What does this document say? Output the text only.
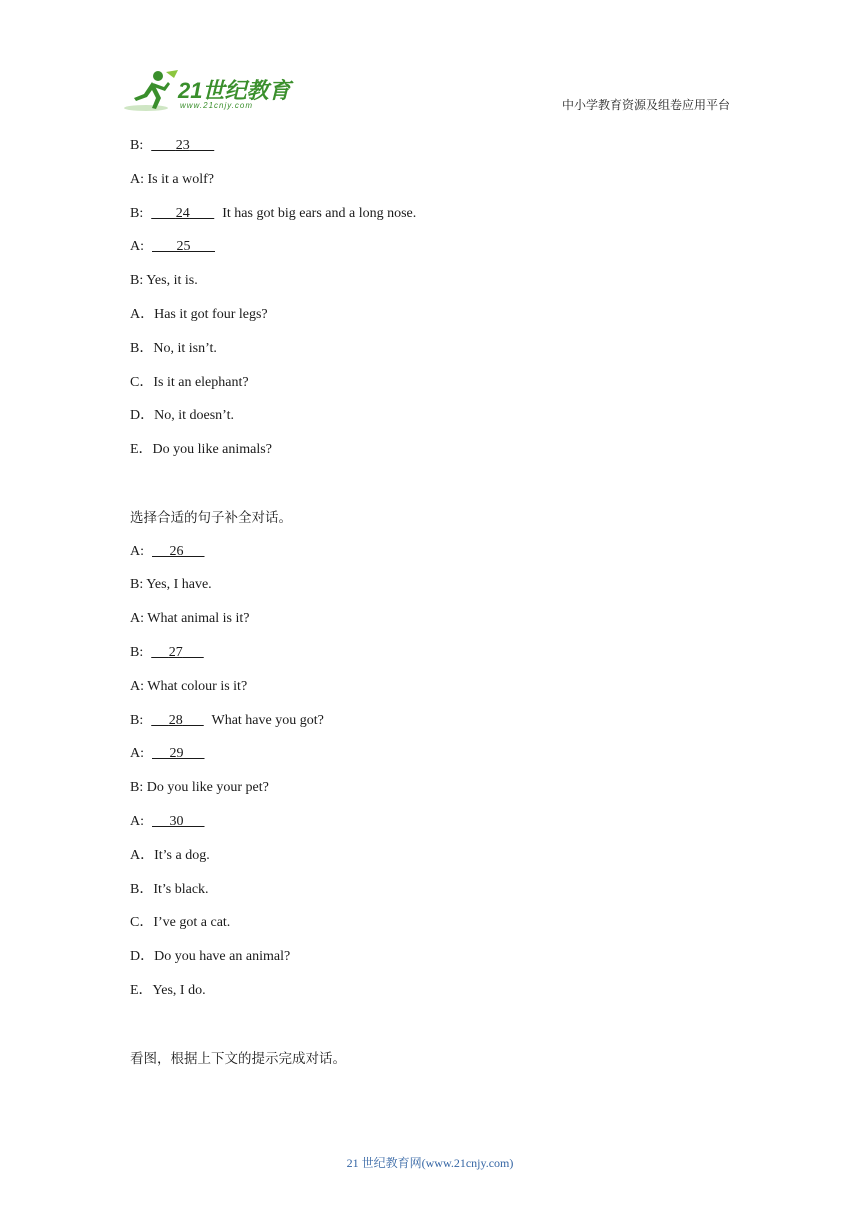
21世纪教育
www.21cnjy.com	中小学教育资源及组卷应用平台
B:         23
A: Is it a wolf?
B:         24         It has got big ears and a long nose.
A:         25
B: Yes, it is.
A．Has it got four legs?
B．No, it isn’t.
C．Is it an elephant?
D．No, it doesn’t.
E．Do you like animals?
选择合适的句子补全对话。
A:       26
B: Yes, I have.
A: What animal is it?
B:       27
A: What colour is it?
B:       28        What have you got?
A:       29
B: Do you like your pet?
A:       30
A．It’s a dog.
B．It’s black.
C．I’ve got a cat.
D．Do you have an animal?
E．Yes, I do.
看图，根据上下文的提示完成对话。
21 世纪教育网(www.21cnjy.com)
